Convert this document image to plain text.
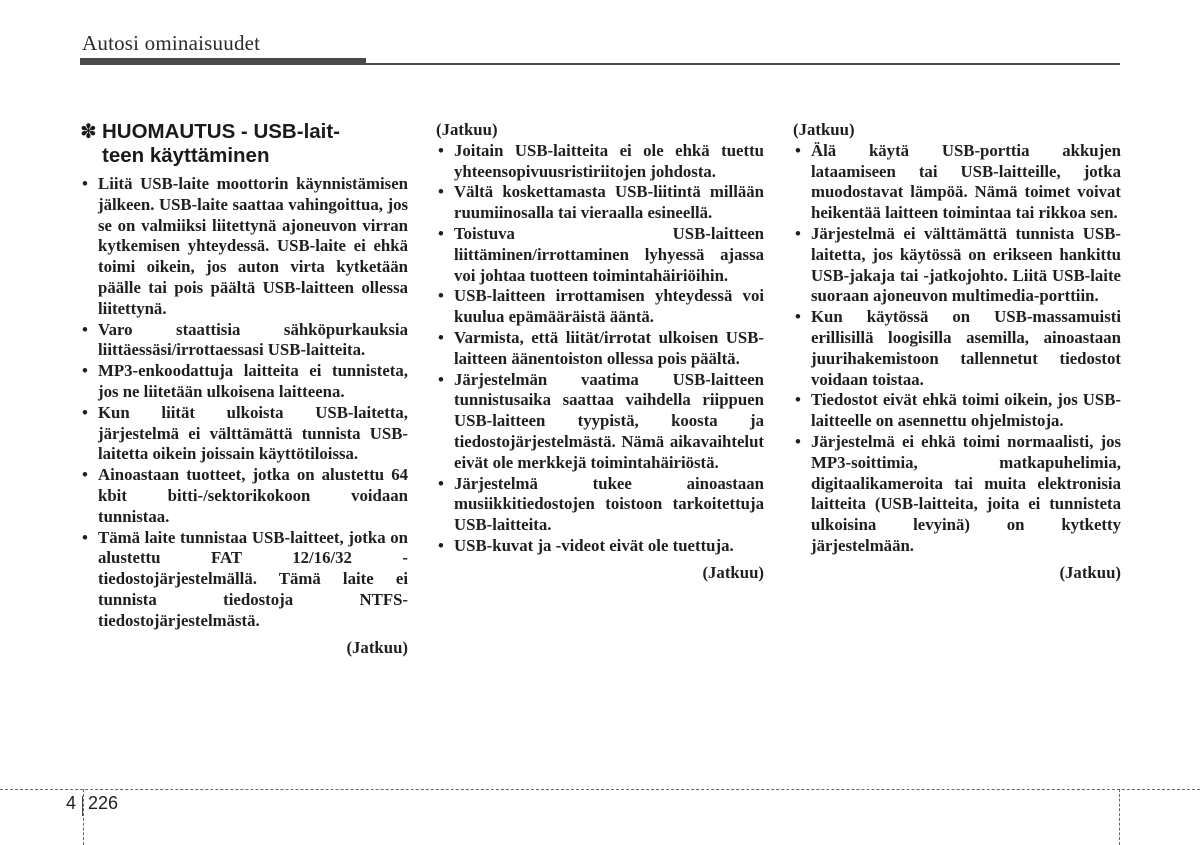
Autosi ominaisuudet
✽ HUOMAUTUS - USB-lait-
teen käyttäminen
• Liitä USB-laite moottorin käynnistämisen jälkeen. USB-laite saattaa vahingoittua, jos se on valmiiksi liitettynä ajoneuvon virran kytkemisen yhteydessä. USB-laite ei ehkä toimi oikein, jos auton virta kytketään päälle tai pois päältä USB-laitteen ollessa liitettynä.
• Varo staattisia sähköpurkauksia liittäessäsi/irrottaessasi USB-laitteita.
• MP3-enkoodattuja laitteita ei tunnisteta, jos ne liitetään ulkoisena laitteena.
• Kun liität ulkoista USB-laitetta, järjestelmä ei välttämättä tunnista USB-laitetta oikein joissain käyttötiloissa.
• Ainoastaan tuotteet, jotka on alustettu 64 kbit bitti-/sektorikokoon voidaan tunnistaa.
• Tämä laite tunnistaa USB-laitteet, jotka on alustettu FAT 12/16/32 -tiedostojärjestelmällä. Tämä laite ei tunnista tiedostoja NTFS-tiedostojärjestelmästä.
(Jatkuu)
(Jatkuu)
• Joitain USB-laitteita ei ole ehkä tuettu yhteensopivuusristiriitojen johdosta.
• Vältä koskettamasta USB-liitintä millään ruumiinosalla tai vieraalla esineellä.
• Toistuva USB-laitteen liittäminen/irrottaminen lyhyessä ajassa voi johtaa tuotteen toimintahäiriöihin.
• USB-laitteen irrottamisen yhteydessä voi kuulua epämääräistä ääntä.
• Varmista, että liität/irrotat ulkoisen USB-laitteen äänentoiston ollessa pois päältä.
• Järjestelmän vaatima USB-laitteen tunnistusaika saattaa vaihdella riippuen USB-laitteen tyypistä, koosta ja tiedostojärjestelmästä. Nämä aikavaihtelut eivät ole merkkejä toimintahäiriöstä.
• Järjestelmä tukee ainoastaan musiikkitiedostojen toistoon tarkoitettuja USB-laitteita.
• USB-kuvat ja -videot eivät ole tuettuja.
(Jatkuu)
(Jatkuu)
• Älä käytä USB-porttia akkujen lataamiseen tai USB-laitteille, jotka muodostavat lämpöä. Nämä toimet voivat heikentää laitteen toimintaa tai rikkoa sen.
• Järjestelmä ei välttämättä tunnista USB-laitetta, jos käytössä on erikseen hankittu USB-jakaja tai -jatkojohto. Liitä USB-laite suoraan ajoneuvon multimedia-porttiin.
• Kun käytössä on USB-massamuisti erillisillä loogisilla asemilla, ainoastaan juurihakemistoon tallennetut tiedostot voidaan toistaa.
• Tiedostot eivät ehkä toimi oikein, jos USB-laitteelle on asennettu ohjelmistoja.
• Järjestelmä ei ehkä toimi normaalisti, jos MP3-soittimia, matkapuhelimia, digitaalikameroita tai muita elektronisia laitteita (USB-laitteita, joita ei tunnisteta ulkoisina levyinä) on kytketty järjestelmään.
(Jatkuu)
4 226
